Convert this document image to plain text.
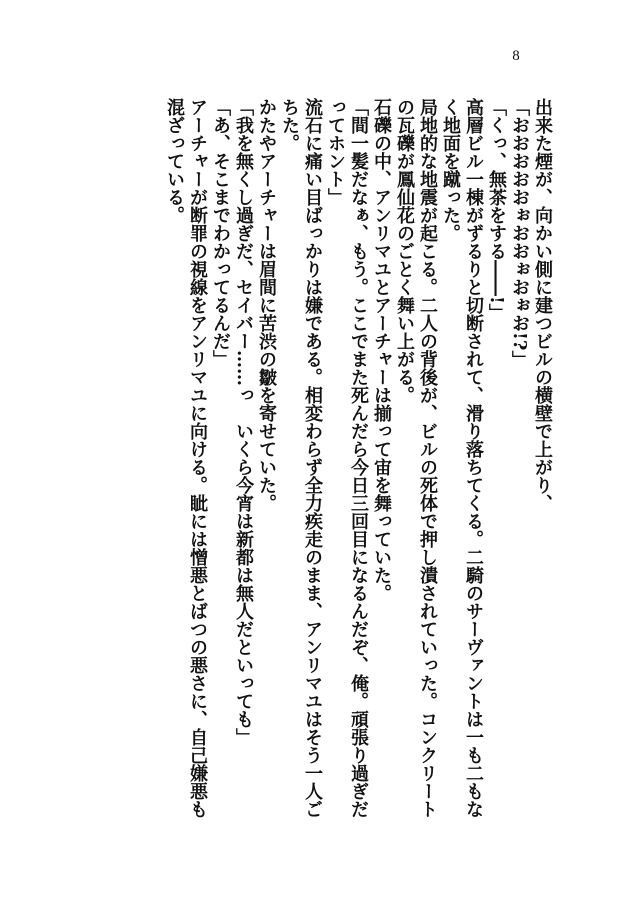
8
出来た煙が、向かい側に建つビルの横壁で上がり、
「おおおおおぉおおぉおぉお!?」
「くっ、無茶をする――!」
高層ビル一棟がずるりと切断されて、滑り落ちてくる。二騎のサーヴァントは一も二もなく地面を蹴った。
局地的な地震が起こる。二人の背後が、ビルの死体で押し潰されていった。コンクリートの瓦礫が鳳仙花のごとく舞い上がる。
石礫の中、アンリマユとアーチャーは揃って宙を舞っていた。
「間一髪だなぁ、もう。ここでまた死んだら今日三回目になるんだぞ、俺。頑張り過ぎだってホント」
流石に痛い目ばっかりは嫌である。相変わらず全力疾走のまま、アンリマユはそう一人ごちた。
かたやアーチャーは眉間に苦渋の皺を寄せていた。
「我を無くし過ぎだ、セイバー……っ　いくら今宵は新都は無人だといっても」
「あ、そこまでわかってるんだ」
アーチャーが断罪の視線をアンリマユに向ける。眦には憎悪とばつの悪さに、自己嫌悪も混ざっている。
